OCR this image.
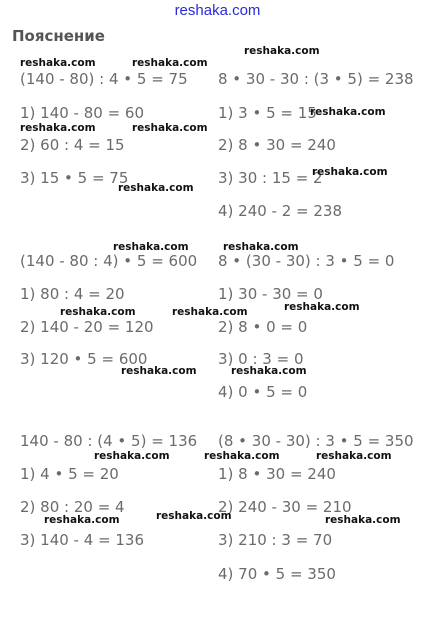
reshaka.com
Пояснение
(140 - 80) : 4 • 5 = 75
1) 140 - 80 = 60
2) 60 : 4 = 15
3) 15 • 5 = 75
8 • 30 - 30 : (3 • 5) = 238
1) 3 • 5 = 15
2) 8 • 30 = 240
3) 30 : 15 = 2
4) 240 - 2 = 238
(140 - 80 : 4) • 5 = 600
1) 80 : 4 = 20
2) 140 - 20 = 120
3) 120 • 5 = 600
8 • (30 - 30) : 3 • 5 = 0
1) 30 - 30 = 0
2) 8 • 0 = 0
3) 0 : 3 = 0
4) 0 • 5 = 0
140 - 80 : (4 • 5) = 136
1) 4 • 5 = 20
2) 80 : 20 = 4
3) 140 - 4 = 136
(8 • 30 - 30) : 3 • 5 = 350
1) 8 • 30 = 240
2) 240 - 30 = 210
3) 210 : 3 = 70
4) 70 • 5 = 350
reshaka.com
reshaka.com	reshaka.com
reshaka.com
reshaka.com	reshaka.com
reshaka.com
reshaka.com
reshaka.com	reshaka.com
reshaka.com
reshaka.com	reshaka.com
reshaka.com	reshaka.com
reshaka.com	reshaka.com	reshaka.com
reshaka.com	reshaka.com	reshaka.com
